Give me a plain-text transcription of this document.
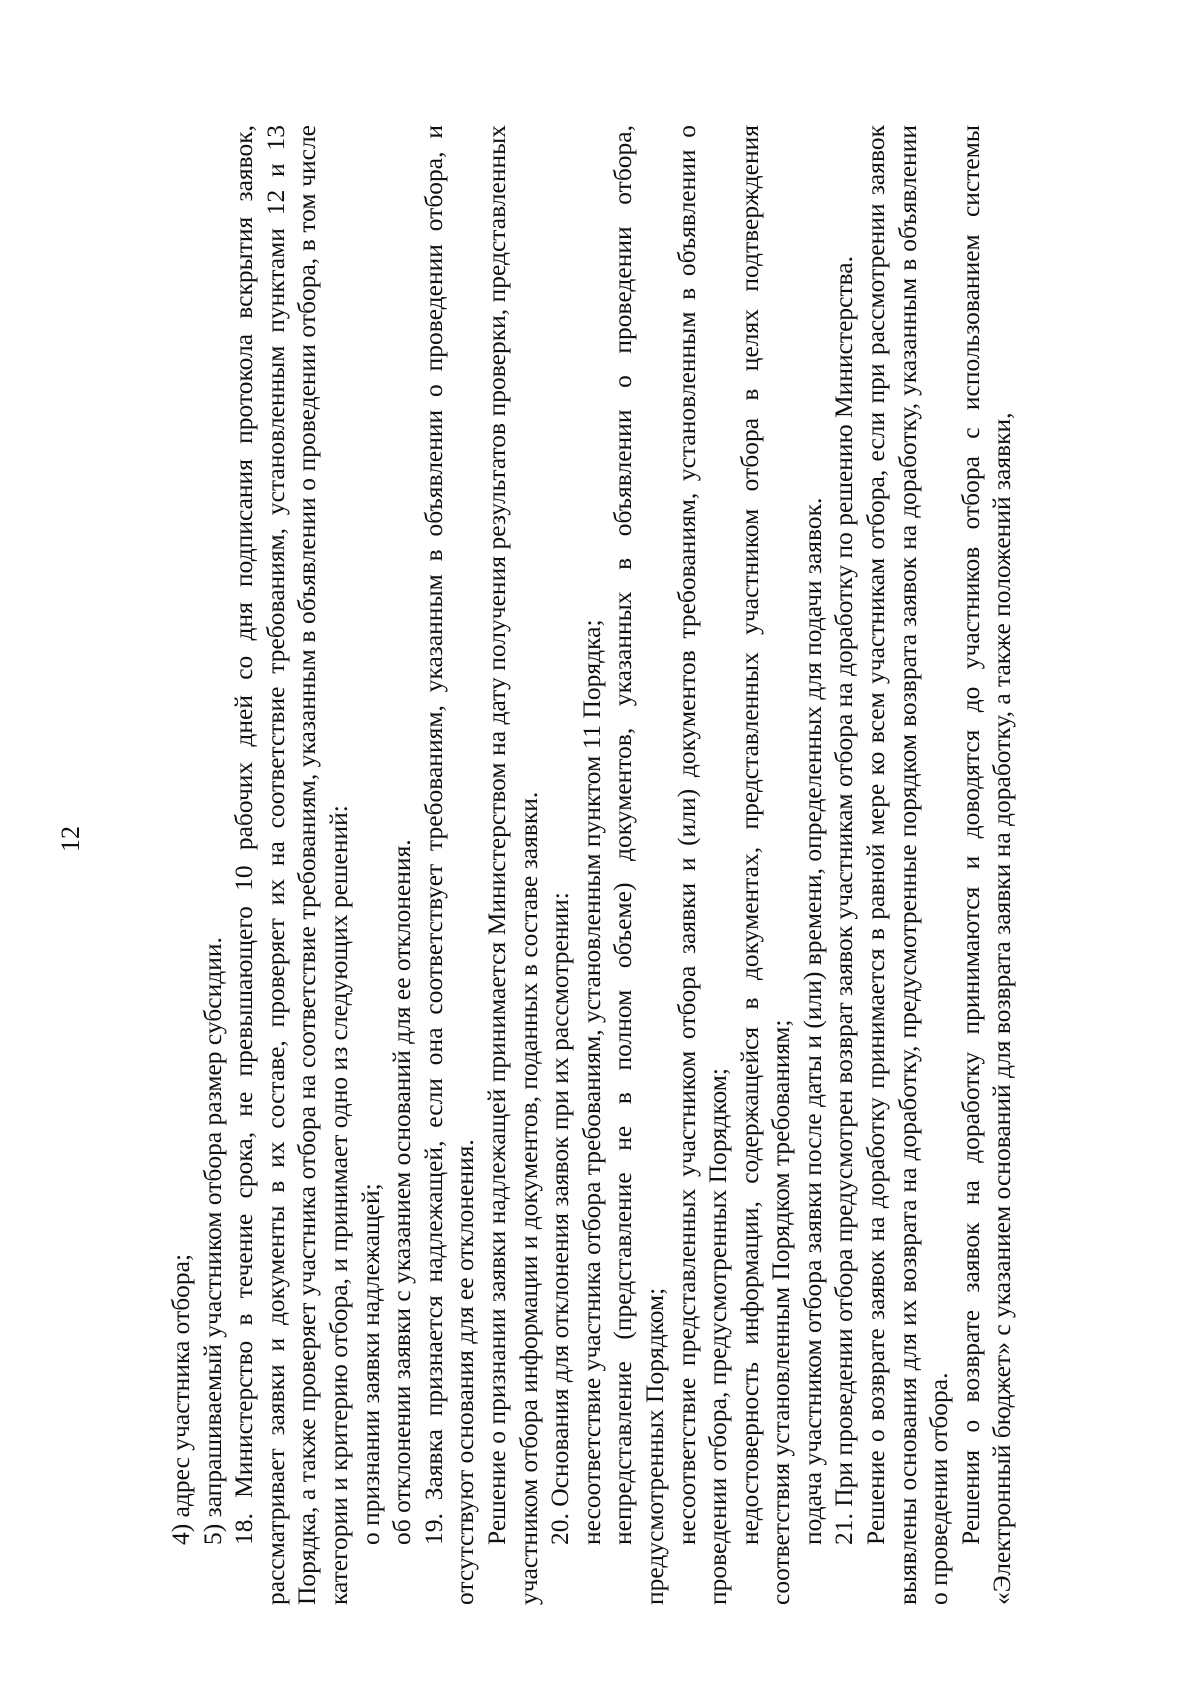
12

4) адрес участника отбора; 5) запрашиваемый участником отбора размер субсидии. 18. Министерство в течение срока, не превышающего 10 рабочих дней со дня подписания протокола вскрытия заявок, рассматривает заявки и документы в их составе, проверяет их на соответствие требованиям, установленным пунктами 12 и 13 Порядка, а также проверяет участника отбора на соответствие требованиям, указанным в объявлении о проведении отбора, в том числе категории и критерию отбора, и принимает одно из следующих решений: о признании заявки надлежащей; об отклонении заявки с указанием оснований для ее отклонения. 19. Заявка признается надлежащей, если она соответствует требованиям, указанным в объявлении о проведении отбора, и отсутствуют основания для ее отклонения. Решение о признании заявки надлежащей принимается Министерством на дату получения результатов проверки, представленных участником отбора информации и документов, поданных в составе заявки. 20. Основания для отклонения заявок при их рассмотрении: несоответствие участника отбора требованиям, установленным пунктом 11 Порядка; непредставление (представление не в полном объеме) документов, указанных в объявлении о проведении отбора, предусмотренных Порядком; несоответствие представленных участником отбора заявки и (или) документов требованиям, установленным в объявлении о проведении отбора, предусмотренных Порядком; недостоверность информации, содержащейся в документах, представленных участником отбора в целях подтверждения соответствия установленным Порядком требованиям; подача участником отбора заявки после даты и (или) времени, определенных для подачи заявок. 21. При проведении отбора предусмотрен возврат заявок участникам отбора на доработку по решению Министерства. Решение о возврате заявок на доработку принимается в равной мере ко всем участникам отбора, если при рассмотрении заявок выявлены основания для их возврата на доработку, предусмотренные порядком возврата заявок на доработку, указанным в объявлении о проведении отбора. Решения о возврате заявок на доработку принимаются и доводятся до участников отбора с использованием системы «Электронный бюджет» с указанием оснований для возврата заявки на доработку, а также положений заявки,
